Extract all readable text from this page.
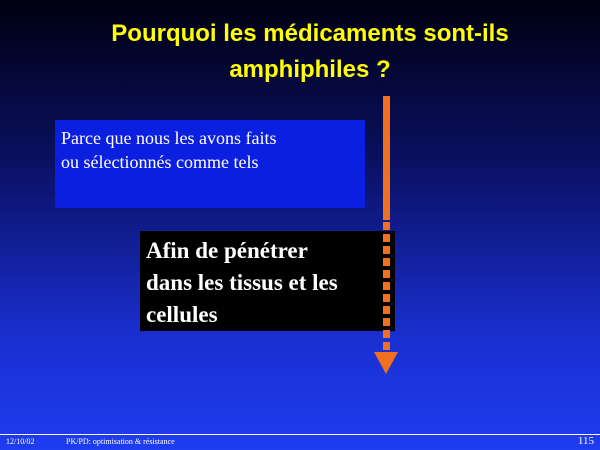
Pourquoi les médicaments sont-ils
amphiphiles ?
Parce que nous les avons faits
ou sélectionnés comme tels
Afin de pénétrer
dans les tissus et les
cellules
12/10/02	PK/PD: optimisation & résistance	115
